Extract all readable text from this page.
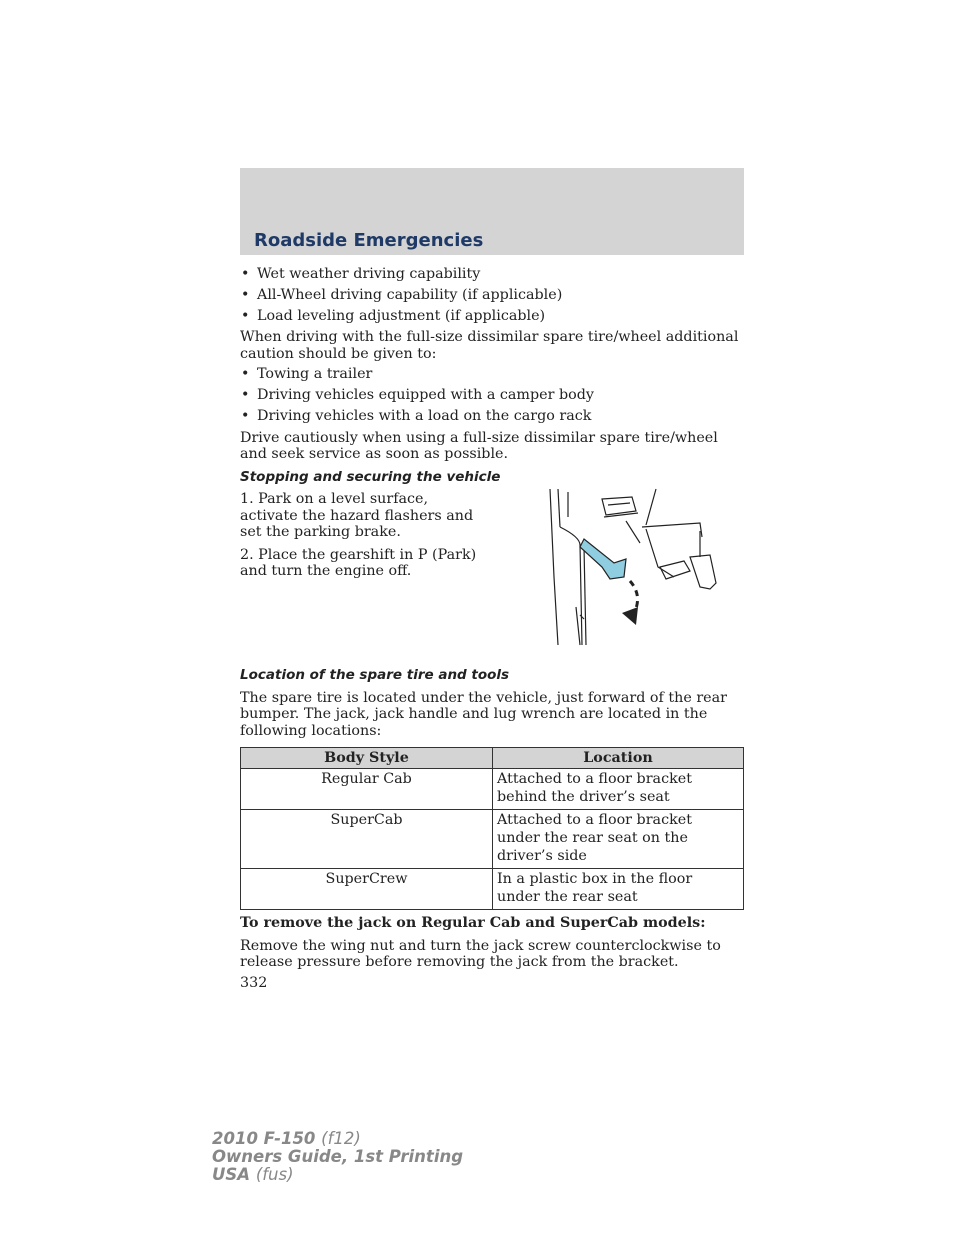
Roadside Emergencies
• Wet weather driving capability
• All-Wheel driving capability (if applicable)
• Load leveling adjustment (if applicable)

When driving with the full-size dissimilar spare tire/wheel additional caution should be given to:

• Towing a trailer
• Driving vehicles equipped with a camper body
• Driving vehicles with a load on the cargo rack

Drive cautiously when using a full-size dissimilar spare tire/wheel and seek service as soon as possible.

Stopping and securing the vehicle

1. Park on a level surface, activate the hazard flashers and set the parking brake.

2. Place the gearshift in P (Park) and turn the engine off.

Location of the spare tire and tools

The spare tire is located under the vehicle, just forward of the rear bumper. The jack, jack handle and lug wrench are located in the following locations:

Body Style	Location
Regular Cab	Attached to a floor bracket behind the driver’s seat
SuperCab	Attached to a floor bracket under the rear seat on the driver’s side
SuperCrew	In a plastic box in the floor under the rear seat

To remove the jack on Regular Cab and SuperCab models:

Remove the wing nut and turn the jack screw counterclockwise to release pressure before removing the jack from the bracket.

332
2010 F-150 (f12)
Owners Guide, 1st Printing
USA (fus)
